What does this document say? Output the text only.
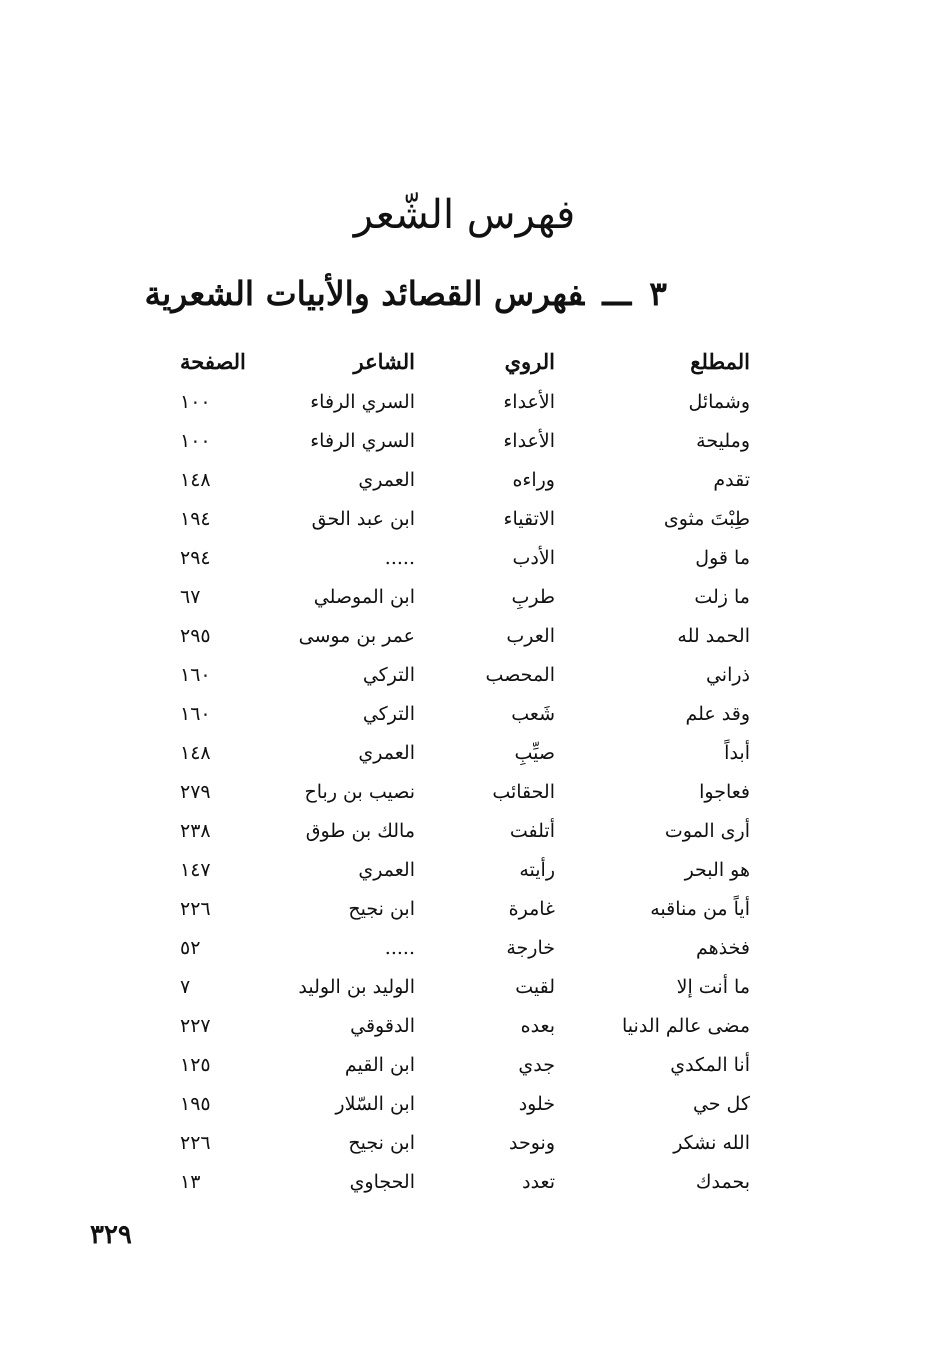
فهرس الشّعر
٣ـــفهرس القصائد والأبيات الشعرية
المطلع	الروي	الشاعر	الصفحة
وشمائل	الأعداء	السري الرفاء	١٠٠
ومليحة	الأعداء	السري الرفاء	١٠٠
تقدم	وراءه	العمري	١٤٨
طِبْتَ مثوى	الاتقياء	ابن عبد الحق	١٩٤
ما قول	الأدب	.....	٢٩٤
ما زلت	طربِ	ابن الموصلي	٦٧
الحمد لله	العرب	عمر بن موسى	٢٩٥
ذراني	المحصب	التركي	١٦٠
وقد علم	شَعب	التركي	١٦٠
أبداً	صيِّبِ	العمري	١٤٨
فعاجوا	الحقائب	نصيب بن رباح	٢٧٩
أرى الموت	أتلفت	مالك بن طوق	٢٣٨
هو البحر	رأيته	العمري	١٤٧
أياً من مناقبه	غامرة	ابن نجيح	٢٢٦
فخذهم	خارجة	.....	٥٢
ما أنت إلا	لقيت	الوليد بن الوليد	٧
مضى عالم الدنيا	بعده	الدقوقي	٢٢٧
أنا المكدي	جدي	ابن القيم	١٢٥
كل حي	خلود	ابن السّلار	١٩٥
الله نشكر	ونوحد	ابن نجيح	٢٢٦
بحمدك	تعدد	الحجاوي	١٣
٣٢٩
